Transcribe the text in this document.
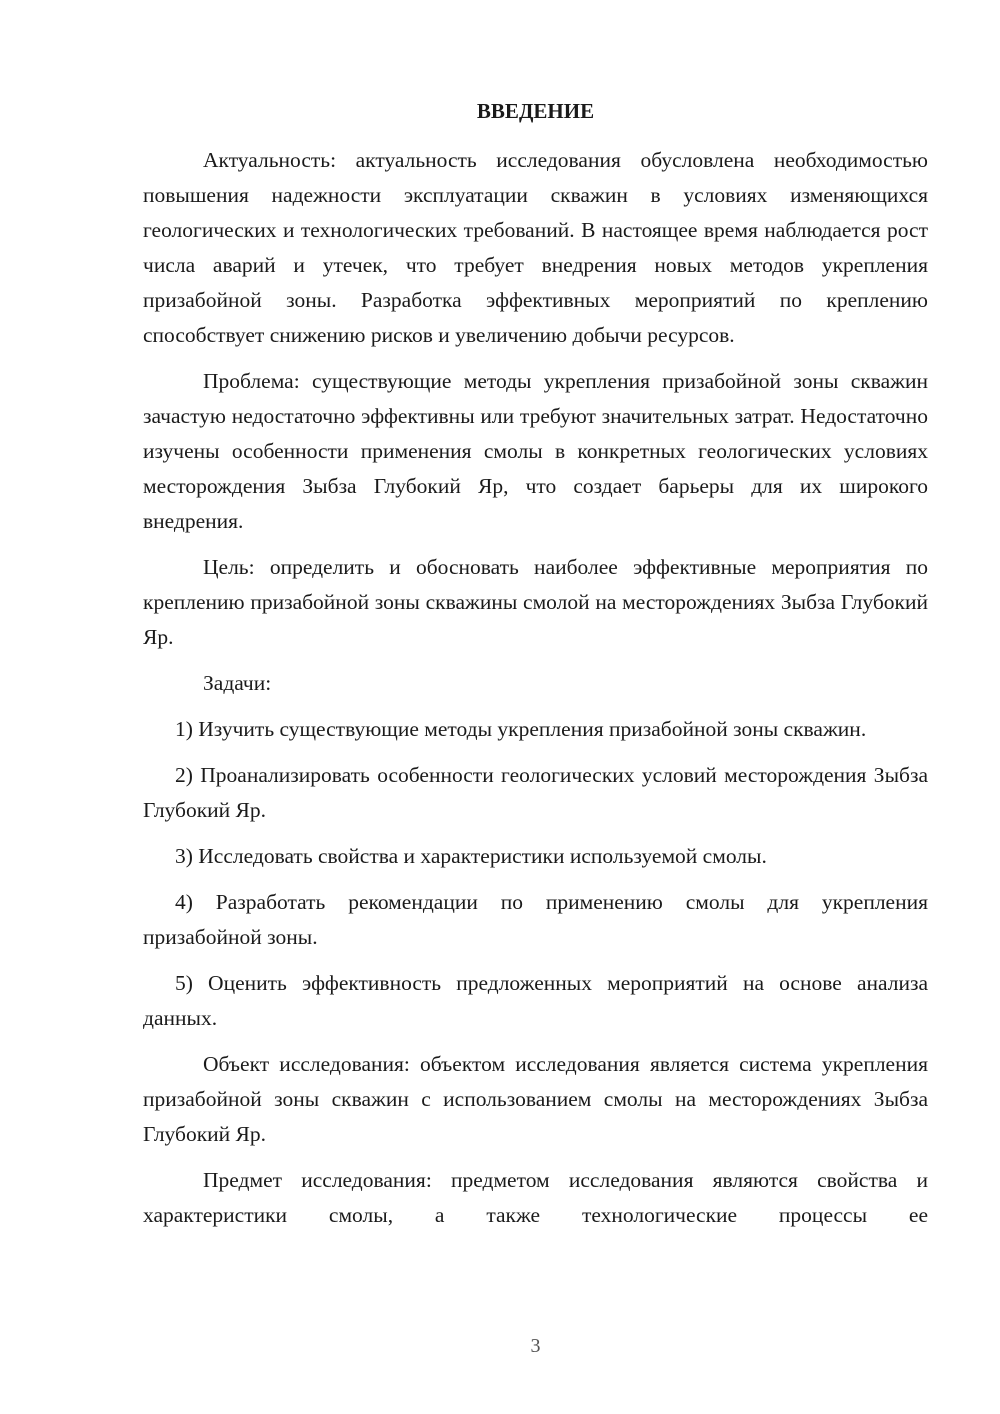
ВВЕДЕНИЕ

Актуальность: актуальность исследования обусловлена необходимостью повышения надежности эксплуатации скважин в условиях изменяющихся геологических и технологических требований. В настоящее время наблюдается рост числа аварий и утечек, что требует внедрения новых методов укрепления призабойной зоны. Разработка эффективных мероприятий по креплению способствует снижению рисков и увеличению добычи ресурсов.

Проблема: существующие методы укрепления призабойной зоны скважин зачастую недостаточно эффективны или требуют значительных затрат. Недостаточно изучены особенности применения смолы в конкретных геологических условиях месторождения Зыбза Глубокий Яр, что создает барьеры для их широкого внедрения.

Цель: определить и обосновать наиболее эффективные мероприятия по креплению призабойной зоны скважины смолой на месторождениях Зыбза Глубокий Яр.

Задачи:

1) Изучить существующие методы укрепления призабойной зоны скважин.

2) Проанализировать особенности геологических условий месторождения Зыбза Глубокий Яр.

3) Исследовать свойства и характеристики используемой смолы.

4) Разработать рекомендации по применению смолы для укрепления призабойной зоны.

5) Оценить эффективность предложенных мероприятий на основе анализа данных.

Объект исследования: объектом исследования является система укрепления призабойной зоны скважин с использованием смолы на месторождениях Зыбза Глубокий Яр.

Предмет исследования: предметом исследования являются свойства и характеристики смолы, а также технологические процессы ее

3
